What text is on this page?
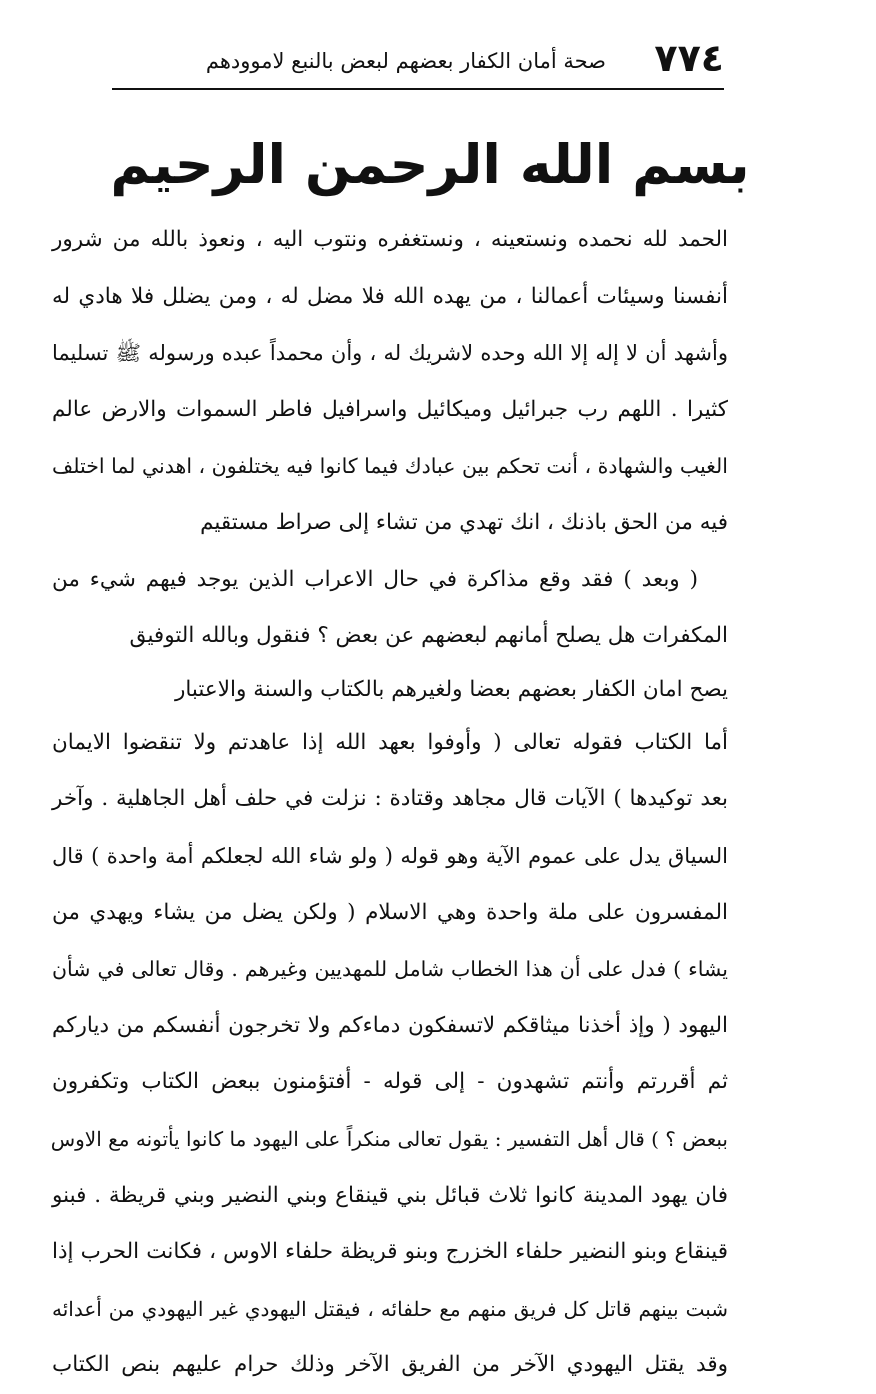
٧٧٤
صحة أمان الكفار بعضهم لبعض بالنبع لاموودهم
بسم الله الرحمن الرحيم
الحمد لله نحمده ونستعينه ، ونستغفره ونتوب اليه ، ونعوذ بالله من شرور
أنفسنا وسيئات أعمالنا ، من يهده الله فلا مضل له ، ومن يضلل فلا هادي له
وأشهد أن لا إله إلا الله وحده لاشريك له ، وأن محمداً عبده ورسوله ﷺ تسليما
كثيرا . اللهم رب جبرائيل وميكائيل واسرافيل فاطر السموات والارض عالم
الغيب والشهادة ، أنت تحكم بين عبادك فيما كانوا فيه يختلفون ، اهدني لما اختلف
فيه من الحق باذنك ، انك تهدي من تشاء إلى صراط مستقيم
( وبعد ) فقد وقع مذاكرة في حال الاعراب الذين يوجد فيهم شيء من
المكفرات هل يصلح أمانهم لبعضهم عن بعض ؟ فنقول وبالله التوفيق
يصح امان الكفار بعضهم بعضا ولغيرهم بالكتاب والسنة والاعتبار
أما الكتاب فقوله تعالى ( وأوفوا بعهد الله إذا عاهدتم ولا تنقضوا الايمان
بعد توكيدها ) الآيات قال مجاهد وقتادة : نزلت في حلف أهل الجاهلية . وآخر
السياق يدل على عموم الآية وهو قوله ( ولو شاء الله لجعلكم أمة واحدة ) قال
المفسرون على ملة واحدة وهي الاسلام ( ولكن يضل من يشاء ويهدي من
يشاء ) فدل على أن هذا الخطاب شامل للمهديين وغيرهم . وقال تعالى في شأن
اليهود ( وإذ أخذنا ميثاقكم لاتسفكون دماءكم ولا تخرجون أنفسكم من دياركم
ثم أقررتم وأنتم تشهدون - إلى قوله - أفتؤمنون ببعض الكتاب وتكفرون
ببعض ؟ ) قال أهل التفسير : يقول تعالى منكراً على اليهود ما كانوا يأتونه مع الاوس
فان يهود المدينة كانوا ثلاث قبائل بني قينقاع وبني النضير وبني قريظة . فبنو
قينقاع وبنو النضير حلفاء الخزرج وبنو قريظة حلفاء الاوس ، فكانت الحرب إذا
شبت بينهم قاتل كل فريق منهم مع حلفائه ، فيقتل اليهودي غير اليهودي من أعدائه
وقد يقتل اليهودي الآخر من الفريق الآخر وذلك حرام عليهم بنص الكتاب
